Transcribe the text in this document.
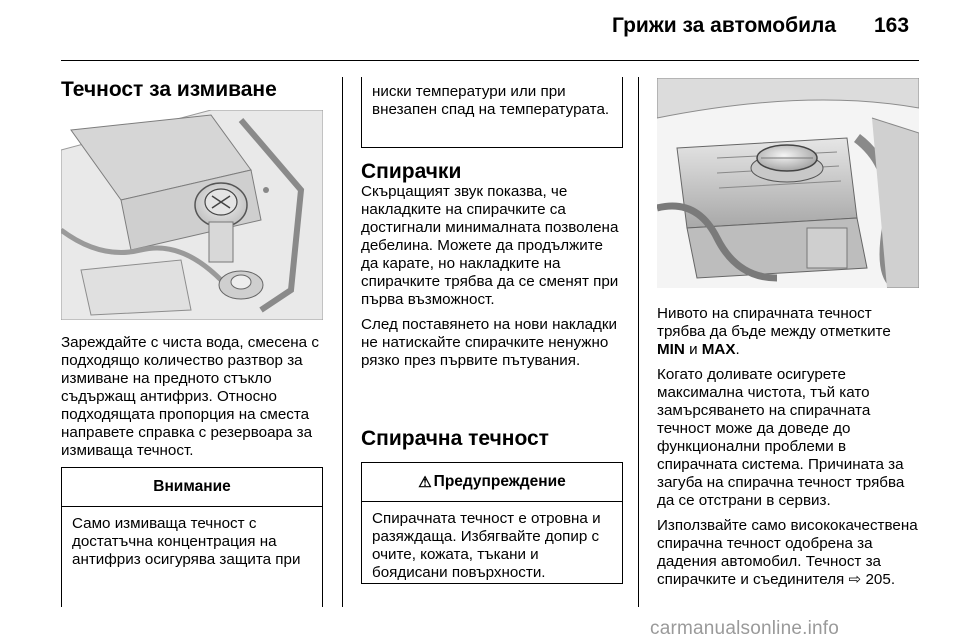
Грижи за автомобила 163
Течност за измиване

Зареждайте с чиста вода, смесена с подходящо количество разтвор за измиване на предното стъкло съдържащ антифриз. Относно подходящата пропорция на сместа направете справка с резервоара за измиваща течност.

Внимание
Само измиваща течност с достатъчна концентрация на антифриз осигурява защита при
ниски температури или при внезапен спад на температурата.
Спирачки

Скърцащият звук показва, че накладките на спирачките са достигнали минималната позволена дебелина. Можете да продължите да карате, но накладките на спирачките трябва да се сменят при първа възможност.

След поставянето на нови накладки не натискайте спирачките ненужно рязко през първите пътувания.

Спирачна течност
⚠ Предупреждение
Спирачната течност е отровна и разяждаща. Избягвайте допир с очите, кожата, тъкани и боядисани повърхности.

Нивото на спирачната течност трябва да бъде между отметките MIN и MAX.

Когато доливате осигурете максимална чистота, тъй като замърсяването на спирачната течност може да доведе до функционални проблеми в спирачната система. Причината за загуба на спирачна течност трябва да се отстрани в сервиз.

Използвайте само висококачествена спирачна течност одобрена за дадения автомобил. Течност за спирачките и съединителя ⇨ 205.

carmanualsonline.info
